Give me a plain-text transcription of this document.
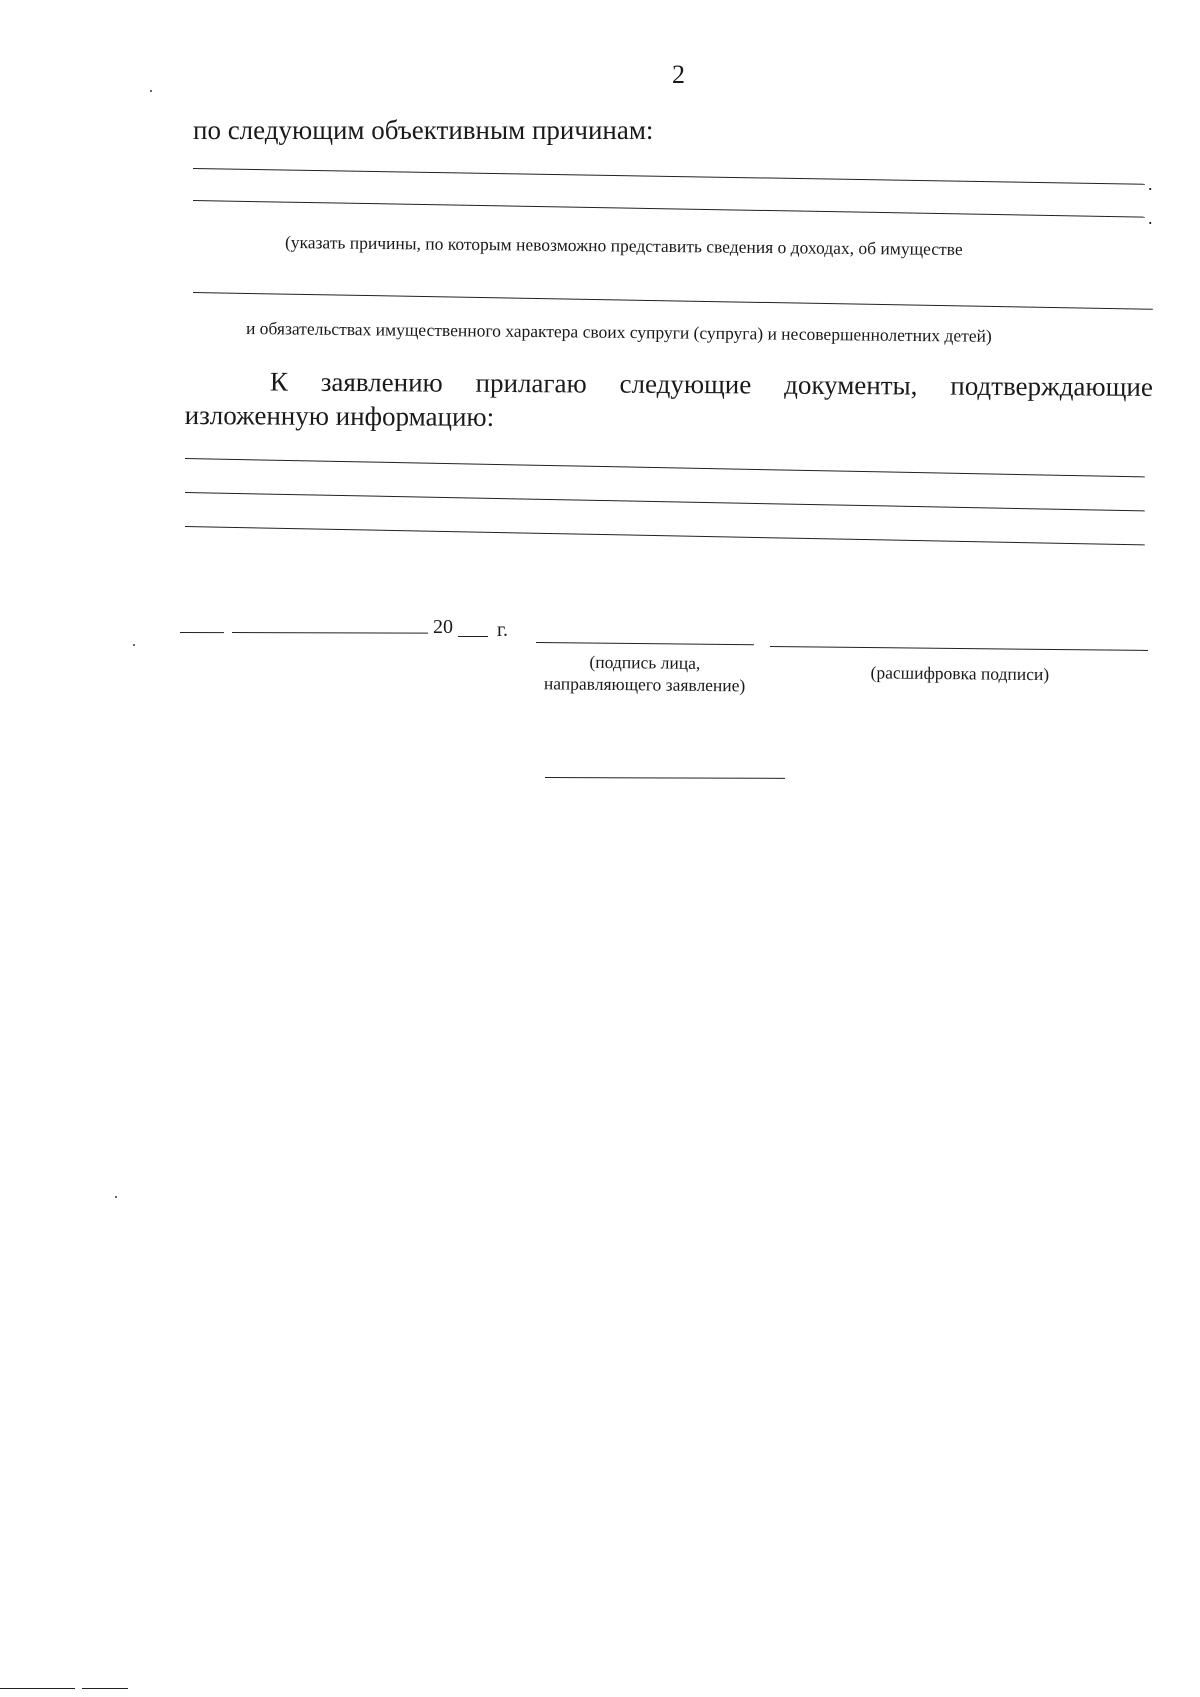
2
по следующим объективным причинам:
.
.
(указать причины, по которым невозможно представить сведения о доходах, об имуществе
и обязательствах имущественного характера своих супруги (супруга) и несовершеннолетних детей)
К заявлению прилагаю следующие документы, подтверждающие
изложенную информацию:
20 г.
(подпись лица,
направляющего заявление)
(расшифровка подписи)
